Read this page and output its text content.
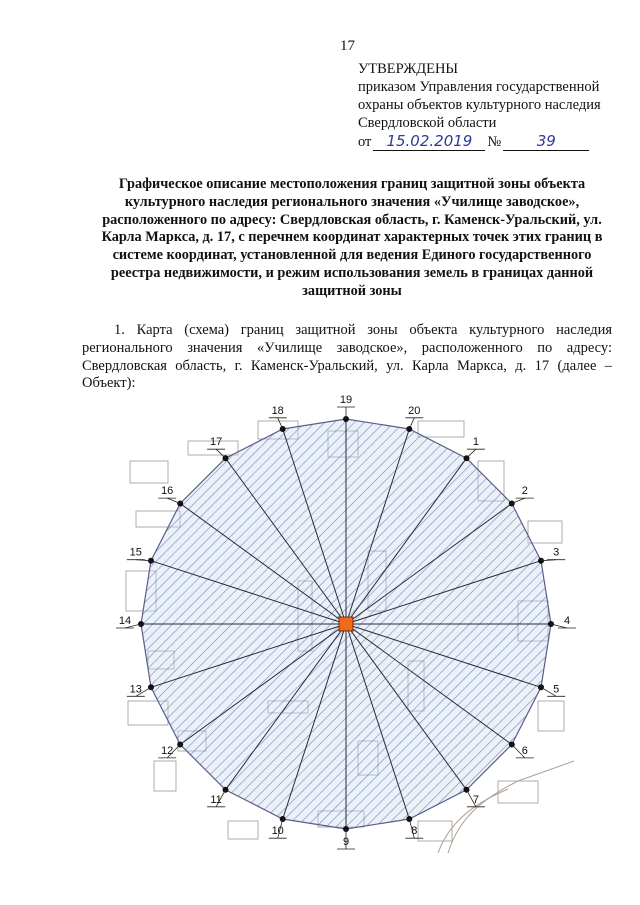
17
УТВЕРЖДЕНЫ
приказом Управления государственной
охраны объектов культурного наследия
Свердловской области
от	15.02.2019	№	39
Графическое описание местоположения границ защитной зоны объекта культурного наследия регионального значения «Училище заводское», расположенного по адресу: Свердловская область, г. Каменск-Уральский, ул. Карла Маркса, д. 17, с перечнем координат характерных точек этих границ в системе координат, установленной для ведения Единого государственного реестра недвижимости, и режим использования земель в границах данной защитной зоны
1. Карта (схема) границ защитной зоны объекта культурного наследия регионального значения «Училище заводское», расположенного по адресу: Свердловская область, г. Каменск-Уральский, ул. Карла Маркса, д. 17 (далее – Объект):
1
2
3
4
5
6
7
8
9
10
11
12
13
14
15
16
17
18
19
20
